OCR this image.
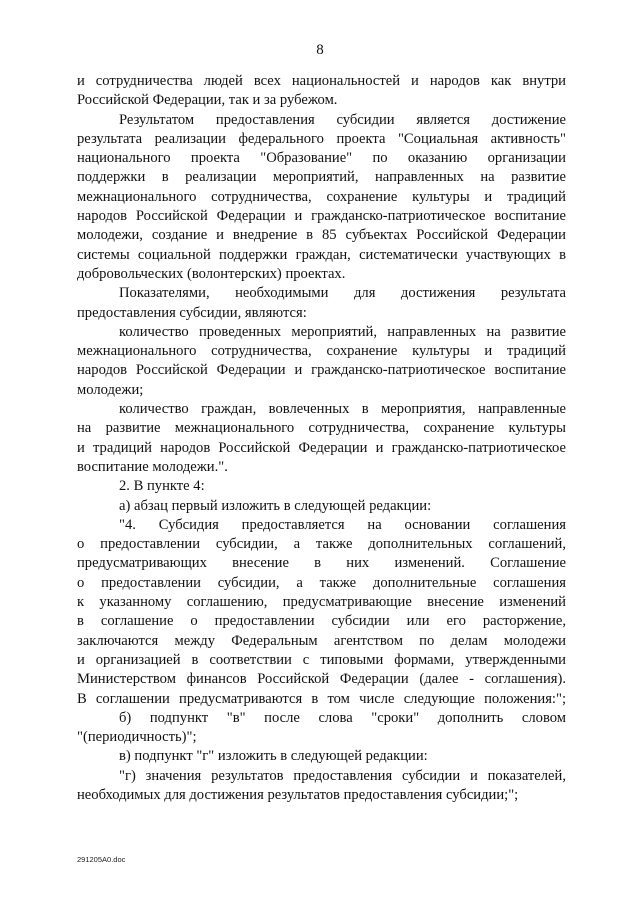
8
и сотрудничества людей всех национальностей и народов как внутри
Российской Федерации, так и за рубежом.
Результатом предоставления субсидии является достижение
результата реализации федерального проекта "Социальная активность"
национального проекта "Образование" по оказанию организации
поддержки в реализации мероприятий, направленных на развитие
межнационального сотрудничества, сохранение культуры и традиций
народов Российской Федерации и гражданско-патриотическое воспитание
молодежи, создание и внедрение в 85 субъектах Российской Федерации
системы социальной поддержки граждан, систематически участвующих в
добровольческих (волонтерских) проектах.
Показателями, необходимыми для достижения результата
предоставления субсидии, являются:
количество проведенных мероприятий, направленных на развитие
межнационального сотрудничества, сохранение культуры и традиций
народов Российской Федерации и гражданско-патриотическое воспитание
молодежи;
количество граждан, вовлеченных в мероприятия, направленные
на развитие межнационального сотрудничества, сохранение культуры
и традиций народов Российской Федерации и гражданско-патриотическое
воспитание молодежи.".
2. В пункте 4:
а) абзац первый изложить в следующей редакции:
"4. Субсидия предоставляется на основании соглашения
о предоставлении субсидии, а также дополнительных соглашений,
предусматривающих внесение в них изменений. Соглашение
о предоставлении субсидии, а также дополнительные соглашения
к указанному соглашению, предусматривающие внесение изменений
в соглашение о предоставлении субсидии или его расторжение,
заключаются между Федеральным агентством по делам молодежи
и организацией в соответствии с типовыми формами, утвержденными
Министерством финансов Российской Федерации (далее - соглашения).
В соглашении предусматриваются в том числе следующие положения:";
б) подпункт "в" после слова "сроки" дополнить словом
"(периодичность)";
в) подпункт "г" изложить в следующей редакции:
"г) значения результатов предоставления субсидии и показателей,
необходимых для достижения результатов предоставления субсидии;";
291205A0.doc
